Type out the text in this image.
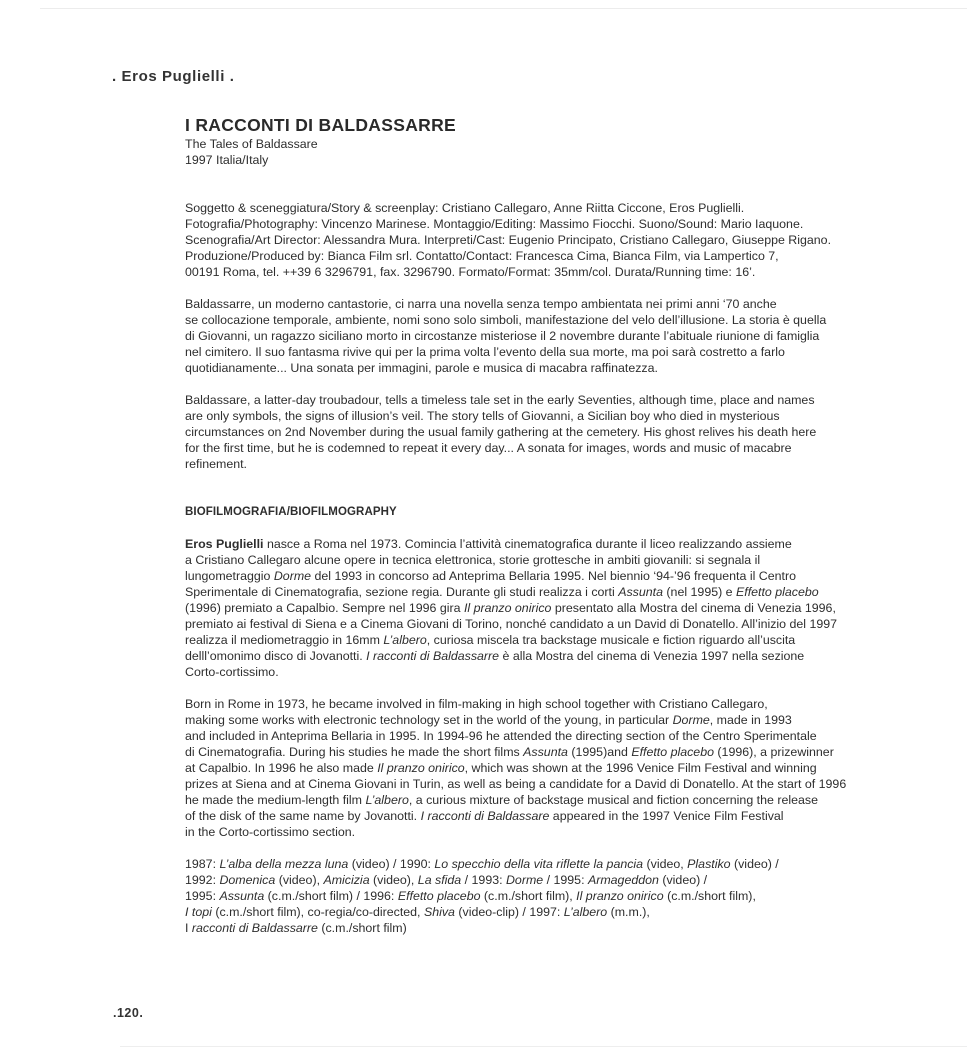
. Eros Puglielli .
I RACCONTI DI BALDASSARRE

The Tales of Baldassare

1997 Italia/Italy

Soggetto & sceneggiatura/Story & screenplay: Cristiano Callegaro, Anne Riitta Ciccone, Eros Puglielli.

Fotografia/Photography: Vincenzo Marinese. Montaggio/Editing: Massimo Fiocchi. Suono/Sound: Mario Iaquone.

Scenografia/Art Director: Alessandra Mura. Interpreti/Cast: Eugenio Principato, Cristiano Callegaro, Giuseppe Rigano.

Produzione/Produced by: Bianca Film srl. Contatto/Contact: Francesca Cima, Bianca Film, via Lampertico 7,

00191 Roma, tel. ++39 6 3296791, fax. 3296790. Formato/Format: 35mm/col. Durata/Running time: 16’.

Baldassarre, un moderno cantastorie, ci narra una novella senza tempo ambientata nei primi anni ‘70 anche

se collocazione temporale, ambiente, nomi sono solo simboli, manifestazione del velo dell’illusione. La storia è quella

di Giovanni, un ragazzo siciliano morto in circostanze misteriose il 2 novembre durante l’abituale riunione di famiglia

nel cimitero. Il suo fantasma rivive qui per la prima volta l’evento della sua morte, ma poi sarà costretto a farlo

quotidianamente... Una sonata per immagini, parole e musica di macabra raffinatezza.

Baldassare, a latter-day troubadour, tells a timeless tale set in the early Seventies, although time, place and names

are only symbols, the signs of illusion’s veil. The story tells of Giovanni, a Sicilian boy who died in mysterious

circumstances on 2nd November during the usual family gathering at the cemetery. His ghost relives his death here

for the first time, but he is codemned to repeat it every day... A sonata for images, words and music of macabre

refinement.

BIOFILMOGRAFIA/BIOFILMOGRAPHY

Eros Puglielli nasce a Roma nel 1973. Comincia l’attività cinematografica durante il liceo realizzando assieme

a Cristiano Callegaro alcune opere in tecnica elettronica, storie grottesche in ambiti giovanili: si segnala il

lungometraggio Dorme del 1993 in concorso ad Anteprima Bellaria 1995. Nel biennio ‘94-’96 frequenta il Centro

Sperimentale di Cinematografia, sezione regia. Durante gli studi realizza i corti Assunta (nel 1995) e Effetto placebo

(1996) premiato a Capalbio. Sempre nel 1996 gira Il pranzo onirico presentato alla Mostra del cinema di Venezia 1996,

premiato ai festival di Siena e a Cinema Giovani di Torino, nonché candidato a un David di Donatello. All’inizio del 1997

realizza il mediometraggio in 16mm L’albero, curiosa miscela tra backstage musicale e fiction riguardo all’uscita

delll’omonimo disco di Jovanotti. I racconti di Baldassarre è alla Mostra del cinema di Venezia 1997 nella sezione

Corto-cortissimo.

Born in Rome in 1973, he became involved in film-making in high school together with Cristiano Callegaro,

making some works with electronic technology set in the world of the young, in particular Dorme, made in 1993

and included in Anteprima Bellaria in 1995. In 1994-96 he attended the directing section of the Centro Sperimentale

di Cinematografia. During his studies he made the short films Assunta (1995)and Effetto placebo (1996), a prizewinner

at Capalbio. In 1996 he also made Il pranzo onirico, which was shown at the 1996 Venice Film Festival and winning

prizes at Siena and at Cinema Giovani in Turin, as well as being a candidate for a David di Donatello. At the start of 1996

he made the medium-length film L’albero, a curious mixture of backstage musical and fiction concerning the release

of the disk of the same name by Jovanotti. I racconti di Baldassare appeared in the 1997 Venice Film Festival

in the Corto-cortissimo section.

1987: L’alba della mezza luna (video) / 1990: Lo specchio della vita riflette la pancia (video, Plastiko (video) /

1992: Domenica (video), Amicizia (video), La sfida / 1993: Dorme / 1995: Armageddon (video) /

1995: Assunta (c.m./short film) / 1996: Effetto placebo (c.m./short film), Il pranzo onirico (c.m./short film),

I topi (c.m./short film), co-regia/co-directed, Shiva (video-clip) / 1997: L’albero (m.m.),

I racconti di Baldassarre (c.m./short film)

.120.
